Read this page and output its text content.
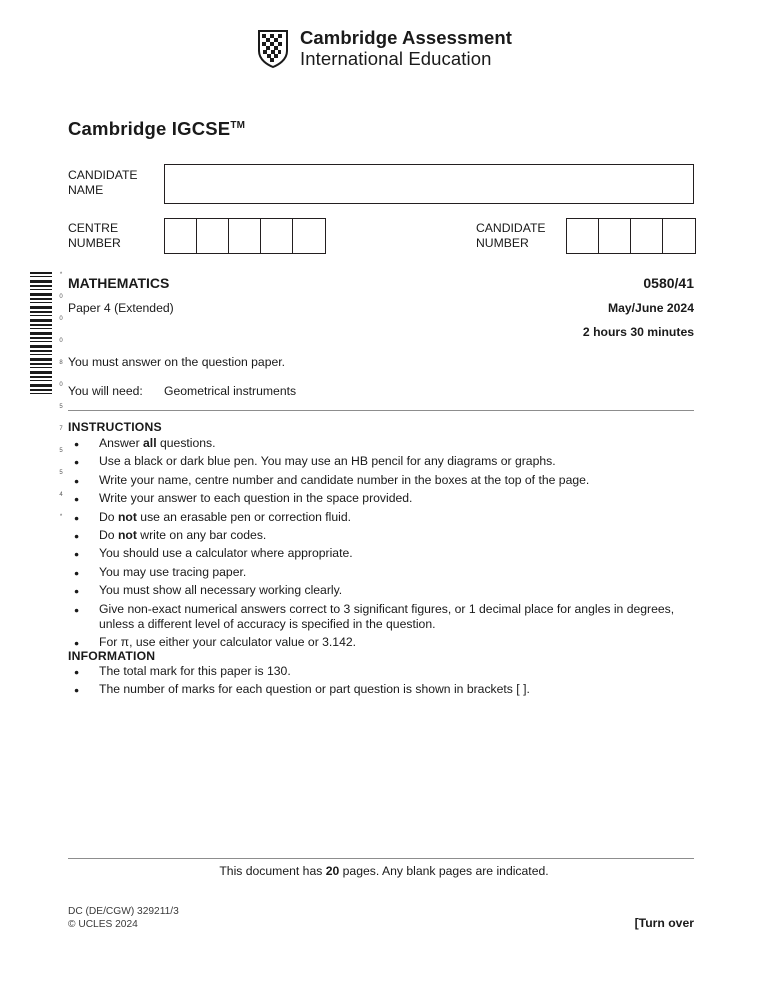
Cambridge Assessment
International Education
Cambridge IGCSE™
CANDIDATE
NAME
CENTRE
NUMBER
CANDIDATE
NUMBER
* 0 0 0 8 0 5 7 5 5 4 * MATHEMATICS	0580/41
Paper 4 (Extended)	May/June 2024
2 hours 30 minutes
You must answer on the question paper.
You will need: Geometrical instruments
INSTRUCTIONS
● Answer all questions.
● Use a black or dark blue pen. You may use an HB pencil for any diagrams or graphs.
● Write your name, centre number and candidate number in the boxes at the top of the page.
● Write your answer to each question in the space provided.
● Do not use an erasable pen or correction fluid.
● Do not write on any bar codes.
● You should use a calculator where appropriate.
● You may use tracing paper.
● You must show all necessary working clearly.
● Give non-exact numerical answers correct to 3 significant figures, or 1 decimal place for angles in degrees, unless a different level of accuracy is specified in the question.
● For π, use either your calculator value or 3.142.
INFORMATION
● The total mark for this paper is 130.
● The number of marks for each question or part question is shown in brackets [ ].
This document has 20 pages. Any blank pages are indicated.
DC (DE/CGW) 329211/3
© UCLES 2024	[Turn over
